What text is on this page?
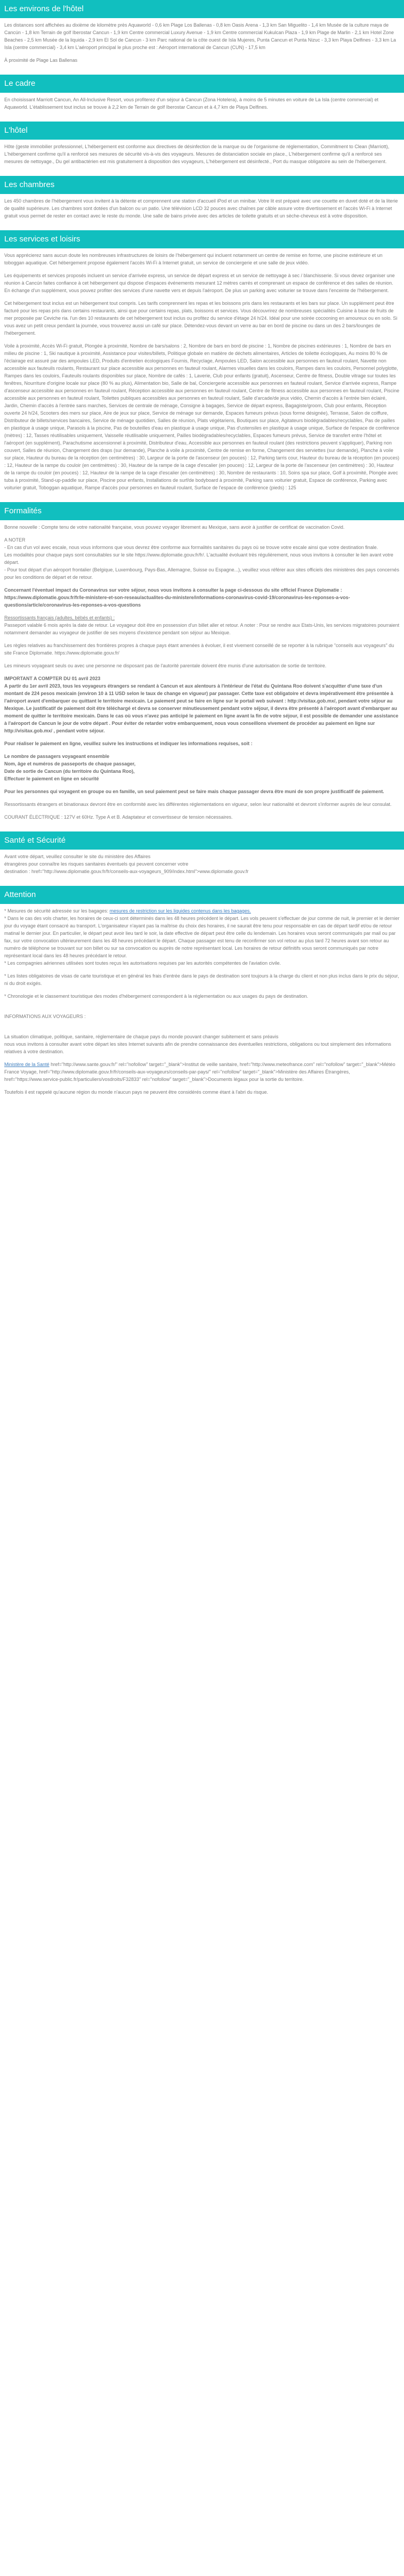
Les environs de l'hôtel

Les distances sont affichées au dixième de kilomètre près Aquaworld - 0,6 km Plage Los Ballenas - 0,8 km Oasis Arena - 1,3 km San Miguelito - 1,4 km Musée de la culture maya de Cancún - 1,8 km Terrain de golf Iberostar Cancun - 1,9 km Centre commercial Luxury Avenue - 1,9 km Centre commercial Kukulcan Plaza - 1,9 km Plage de Marlin - 2,1 km Hotel Zone Beaches - 2,5 km Musée de la liquida - 2,9 km El Sol de Cancun - 3 km Parc national de la côte ouest de Isla Mujeres, Punta Cancun et Punta Nizuc - 3,3 km Playa Delfines - 3,3 km La Isla (centre commercial) - 3,4 km L'aéroport principal le plus proche est : Aéroport international de Cancun (CUN) - 17,5 km

À proximité de Plage Las Ballenas

Le cadre

En choisissant Marriott Cancun, An All-Inclusive Resort, vous profiterez d'un séjour à Cancun (Zona Hotelera), à moins de 5 minutes en voiture de La Isla (centre commercial) et Aquaworld. L'établissement tout inclus se trouve à 2,2 km de Terrain de golf Iberostar Cancun et à 4,7 km de Playa Delfines.

L'hôtel

Hôte (geste immobilier professionnel, L'hébergement est conforme aux directives de désinfection de la marque ou de l'organisme de réglementation, Commitment to Clean (Marriott), L'hébergement confirme qu'il a renforcé ses mesures de sécurité vis-à-vis des voyageurs. Mesures de distanciation sociale en place., L'hébergement confirme qu'il a renforcé ses mesures de nettoyage., Du gel antibactérien est mis gratuitement à disposition des voyageurs, L'hébergement est désinfecté., Port du masque obligatoire au sein de l'hébergement.

Les chambres

Les 450 chambres de l'hébergement vous invitent à la détente et comprennent une station d'accueil iPod et un minibar. Votre lit est préparé avec une couette en duvet doté et de la literie de qualité supérieure. Les chambres sont dotées d'un balcon ou un patio. Une télévision LCD 32 pouces avec chaînes par câble assure votre divertissement et l'accès Wi-Fi à Internet gratuit vous permet de rester en contact avec le reste du monde. Une salle de bains privée avec des articles de toilette gratuits et un sèche-cheveux est à votre disposition.

Les services et loisirs

Vous apprécierez sans aucun doute les nombreuses infrastructures de loisirs de l'hébergement qui incluent notamment un centre de remise en forme, une piscine extérieure et un toboggan aquatique. Cet hébergement propose également l'accès Wi-Fi à Internet gratuit, un service de conciergerie et une salle de jeux vidéo.

Les équipements et services proposés incluent un service d'arrivée express, un service de départ express et un service de nettoyage à sec / blanchisserie. Si vous devez organiser une réunion à Cancún faites confiance à cet hébergement qui dispose d'espaces événements mesurant 12 mètres carrés et comprenant un espace de conférence et des salles de réunion. En échange d'un supplément, vous pouvez profiter des services d'une navette vers et depuis l'aéroport. De plus un parking avec voiturier se trouve dans l'enceinte de l'hébergement.

Cet hébergement tout inclus est un hébergement tout compris. Les tarifs comprennent les repas et les boissons pris dans les restaurants et les bars sur place. Un supplément peut être facturé pour les repas pris dans certains restaurants, ainsi que pour certains repas, plats, boissons et services. Vous découvrirez de nombreuses spécialités Cuisine à base de fruits de mer proposée par Ceviche ria. l'un des 10 restaurants de cet hébergement tout inclus ou profitez du service d'étage 24 h/24. Idéal pour une soirée cocooning en amoureux ou en solo. Si vous avez un petit creux pendant la journée, vous trouverez aussi un café sur place. Détendez-vous devant un verre au bar en bord de piscine ou dans un des 2 bars/lounges de l'hébergement.

Voile à proximité, Accès Wi-Fi gratuit, Plongée à proximité, Nombre de bars/salons : 2, Nombre de bars en bord de piscine : 1, Nombre de piscines extérieures : 1, Nombre de bars en milieu de piscine : 1, Ski nautique à proximité, Assistance pour visites/billets, Politique globale en matière de déchets alimentaires, Articles de toilette écologiques, Au moins 80 % de l'éclairage est assuré par des ampoules LED, Produits d'entretien écologiques Fournis, Recyclage, Ampoules LED, Salon accessible aux personnes en fauteuil roulant, Navette non accessible aux fauteuils roulants, Restaurant sur place accessible aux personnes en fauteuil roulant, Alarmes visuelles dans les couloirs, Rampes dans les couloirs, Personnel polyglotte, Rampes dans les couloirs, Fauteuils roulants disponibles sur place, Nombre de cafés : 1, Laverie, Club pour enfants (gratuit), Ascenseur, Centre de fitness, Double vitrage sur toutes les fenêtres, Nourriture d'origine locale sur place (80 % au plus), Alimentation bio, Salle de bal, Conciergerie accessible aux personnes en fauteuil roulant, Service d'arrivée express, Rampe d'ascenseur accessible aux personnes en fauteuil roulant, Réception accessible aux personnes en fauteuil roulant, Centre de fitness accessible aux personnes en fauteuil roulant, Piscine accessible aux personnes en fauteuil roulant, Toilettes publiques accessibles aux personnes en fauteuil roulant, Salle d'arcade/de jeux vidéo, Chemin d'accès à l'entrée bien éclairé, Jardin, Chemin d'accès à l'entrée sans marches, Services de centrale de ménage, Consigne à bagages, Service de départ express, Bagagiste/groom, Club pour enfants, Réception ouverte 24 h/24, Scooters des mers sur place, Aire de jeux sur place, Service de ménage sur demande, Espaces fumeurs prévus (sous forme désignée), Terrasse, Salon de coiffure, Distributeur de billets/services bancaires, Service de ménage quotidien, Salles de réunion, Plats végétariens, Boutiques sur place, Agitateurs biodégradables/recyclables, Pas de pailles en plastique à usage unique, Parasols à la piscine, Pas de bouteilles d'eau en plastique à usage unique, Pas d'ustensiles en plastique à usage unique, Surface de l'espace de conférence (mètres) : 12, Tasses réutilisables uniquement, Vaisselle réutilisable uniquement, Pailles biodégradables/recyclables, Espaces fumeurs prévus, Service de transfert entre l'hôtel et l'aéroport (en supplément), Parachutisme ascensionnel à proximité, Distributeur d'eau, Accessible aux personnes en fauteuil roulant (des restrictions peuvent s'appliquer), Parking non couvert, Salles de réunion, Changement des draps (sur demande), Planche à voile à proximité, Centre de remise en forme, Changement des serviettes (sur demande), Planche à voile sur place, Hauteur du bureau de la réception (en centimètres) : 30, Largeur de la porte de l'ascenseur (en pouces) : 12, Parking tarris cour, Hauteur du bureau de la réception (en pouces) : 12, Hauteur de la rampe du couloir (en centimètres) : 30, Hauteur de la rampe de la cage d'escalier (en pouces) : 12, Largeur de la porte de l'ascenseur (en centimètres) : 30, Hauteur de la rampe du couloir (en pouces) : 12, Hauteur de la rampe de la cage d'escalier (en centimètres) : 30, Nombre de restaurants : 10, Soins spa sur place, Golf à proximité, Plongée avec tuba à proximité, Stand-up-paddle sur place, Piscine pour enfants, Installations de surf/de bodyboard à proximité, Parking sans voiturier gratuit, Espace de conférence, Parking avec voiturier gratuit, Toboggan aquatique, Rampe d'accès pour personnes en fauteuil roulant, Surface de l'espace de conférence (pieds) : 125

Formalités

Bonne nouvelle : Compte tenu de votre nationalité française, vous pouvez voyager librement au Mexique, sans avoir à justifier de certificat de vaccination Covid.

A NOTER
- En cas d'un vol avec escale, nous vous informons que vous devrez être conforme aux formalités sanitaires du pays où se trouve votre escale ainsi que votre destination finale.
Les modalités pour chaque pays sont consultables sur le site https://www.diplomatie.gouv.fr/fr/. L'actualité évoluant très régulièrement, nous vous invitons à consulter le lien avant votre départ.
- Pour tout départ d'un aéroport frontalier (Belgique, Luxembourg, Pays-Bas, Allemagne, Suisse ou Espagne...), veuillez vous référer aux sites officiels des ministères des pays concernés pour les conditions de départ et de retour.

Concernant l'éventuel impact du Coronavirus sur votre séjour, nous vous invitons à consulter la page ci-dessous du site officiel France Diplomatie :
https://www.diplomatie.gouv.fr/fr/le-ministere-et-son-reseau/actualites-du-ministere/informations-coronavirus-covid-19/coronavirus-les-reponses-a-vos-questions/article/coronavirus-les-reponses-a-vos-questions

Ressortissants français (adultes, bébés et enfants) :

Passeport valable 6 mois après la date de retour. Le voyageur doit être en possession d'un billet aller et retour. A noter : Pour se rendre aux Etats-Unis, les services migratoires pourraient notamment demander au voyageur de justifier de ses moyens d'existence pendant son séjour au Mexique.

Les règles relatives au franchissement des frontières propres à chaque pays étant amenées à évoluer, il est vivement conseillé de se reporter à la rubrique "conseils aux voyageurs" du site France Diplomatie. https://www.diplomatie.gouv.fr/

Les mineurs voyageant seuls ou avec une personne ne disposant pas de l'autorité parentale doivent être munis d'une autorisation de sortie de territoire.

IMPORTANT A COMPTER DU 01 avril 2023
A partir du 1er avril 2023, tous les voyageurs étrangers se rendant à Cancun et aux alentours à l'intérieur de l'état du Quintana Roo doivent s'acquitter d'une taxe d'un montant de 224 pesos mexicain (environ 10 à 11 USD selon le taux de change en vigueur) par passager. Cette taxe est obligatoire et devra impérativement être présentée à l'aéroport avant d'embarquer ou quittant le territoire mexicain. Le paiement peut se faire en ligne sur le portail web suivant : http://visitax.gob.mx/, pendant votre séjour au Mexique. Le justificatif de paiement doit être téléchargé et devra se conserver minutieusement pendant votre séjour, il devra être présenté à l'aéroport avant d'embarquer au moment de quitter le territoire mexicain. Dans le cas où vous n'avez pas anticipé le paiement en ligne avant la fin de votre séjour, il est possible de demander une assistance à l'aéroport de Cancun le jour de votre départ . Pour éviter de retarder votre embarquement, nous vous conseillons vivement de procéder au paiement en ligne sur http://visitax.gob.mx/ , pendant votre séjour.

Pour réaliser le paiement en ligne, veuillez suivre les instructions et indiquer les informations requises, soit :

Le nombre de passagers voyageant ensemble
Nom, âge et numéros de passeports de chaque passager,
Date de sortie de Cancun (du territoire du Quintana Roo),
Effectuer le paiement en ligne en sécurité

Pour les personnes qui voyagent en groupe ou en famille, un seul paiement peut se faire mais chaque passager devra être muni de son propre justificatif de paiement.

Ressortissants étrangers et binationaux devront être en conformité avec les différentes réglementations en vigueur, selon leur nationalité et devront s'informer auprès de leur consulat.

COURANT ÉLECTRIQUE : 127V et 60Hz. Type A et B. Adaptateur et convertisseur de tension nécessaires.

Santé et Sécurité

Avant votre départ, veuillez consulter le site du ministère des Affaires
étrangères pour connaître les risques sanitaires éventuels qui peuvent concerner votre
destination : href="http://www.diplomatie.gouv.fr/fr/conseils-aux-voyageurs_909/index.html">www.diplomatie.gouv.fr

Attention

* Mesures de sécurité adressée sur les bagages: mesures de restriction sur les liquides contenus dans les bagages.
* Dans le cas des vols charter, les horaires de ceux-ci sont déterminés dans les 48 heures précédent le départ. Les vols peuvent s'effectuer de jour comme de nuit, le premier et le dernier jour du voyage étant consacré au transport. L'organisateur n'ayant pas la maîtrise du choix des horaires, il ne saurait être tenu pour responsable en cas de départ tardif et/ou de retour matinal le dernier jour. En particulier, le départ peut avoir lieu tard le soir, la date effective de départ peut être celle du lendemain. Les horaires vous seront communiqués par mail ou par fax, sur votre convocation ultérieurement dans les 48 heures précédant le départ. Chaque passager est tenu de reconfirmer son vol retour au plus tard 72 heures avant son retour au numéro de téléphone se trouvant sur son billet ou sur sa convocation ou auprès de notre représentant local. Les horaires de retour définitifs vous seront communiqués par notre représentant local dans les 48 heures précédant le retour.
* Les compagnies aériennes utilisées sont toutes reçus les autorisations requises par les autorités compétentes de l'aviation civile.

* Les listes obligatoires de visas de carte touristique et en général les frais d'entrée dans le pays de destination sont toujours à la charge du client et non plus inclus dans le prix du séjour, ni du droit exigés.

* Chronologie et le classement touristique des modes d'hébergement correspondent à la réglementation ou aux usages du pays de destination.

INFORMATIONS AUX VOYAGEURS :

La situation climatique, politique, sanitaire, réglementaire de chaque pays du monde pouvant changer subitement et sans préavis
nous vous invitons à consulter avant votre départ les sites Internet suivants afin de prendre connaissance des éventuelles restrictions, obligations ou tout simplement des informations relatives à votre destination.

Ministère de la Santé href="http://www.sante.gouv.fr/" rel="nofollow" target="_blank">Institut de veille sanitaire, href="http://www.meteofrance.com" rel="nofollow" target="_blank">Météo France Voyage, href="http://www.diplomatie.gouv.fr/fr/conseils-aux-voyageurs/conseils-par-pays/" rel="nofollow" target="_blank">Ministère des Affaires Étrangères, href="https://www.service-public.fr/particuliers/vosdroits/F32833" rel="nofollow" target="_blank">Documents légaux pour la sortie du territoire.

Toutefois il est rappelé qu'aucune région du monde n'aucun pays ne peuvent être considérés comme étant à l'abri du risque.
